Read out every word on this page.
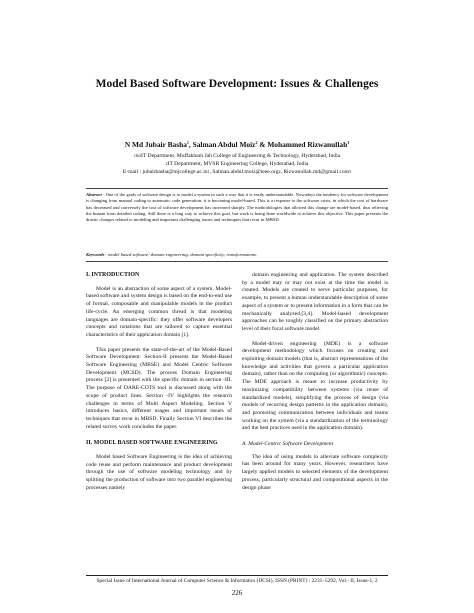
Model Based Software Development: Issues & Challenges
N Md Jubair Basha$^1$, Salman Abdul Moiz$^2$ & Mohammed Rizwanullah$^3$
$^{1\&3}$IT Department, Muffakham Jah College of Engineering & Technology, Hyderabad, India
$^2$IT Department, MVSR Engineering College, Hyderabad, India
E-mail : $jubairbasha@mjcollege.ac.in^1$, Salman.abdul.moiz@ieee.org$^2$, Rizwanullah.md@gmail.com$^3$
Abstract - One of the goals of software design is to model a system in such a way that it is easily understandable. Nowadays the tendency for software development is changing from manual coding to automatic code generation; it is becoming model-based. This is a response to the software crisis, in which the cost of hardware has decreased and conversely the cost of software development has increased sharply. The methodologies that allowed this change are model-based, thus relieving the human from detailed coding. Still there is a long way to achieve this goal, but work is being done worldwide to achieve this objective. This paper presents the drastic changes related to modeling and important challenging issues and techniques that recur in MBSD.
Keywords - model based software; domain engineering; domain specificity; transformations.
I. INTRODUCTION

Model is an abstraction of some aspect of a system. Model-based software and system design is based on the end-to-end use of formal, composable and manipulable models in the product life-cycle. An emerging common thread is that modeling languages are domain-specific: they offer software developers concepts and notations that are tailored to capture essential characteristics of their application domain [1].

This paper presents the state-of-the-art of the Model-Based Software Development. Section-II presents the Model-Based Software Engineering (MBSE) and Model Centric Software Development (MCSD). The process Domain Engineering process [2] is presented with the specific domain in section -III. The purpose of DARE-COTS tool is discussed along with the scope of product lines. Section -IV highlights the research challenges in terms of Multi Aspect Modeling. Section V introduces basics, different usages and important issues of techniques that recur in MBSD. Finally Section VI describes the related survey work concludes the paper.

II. MODEL BASED SOFTWARE ENGINEERING

Model based Software Engineering is the idea of achieving code reuse and perform maintenance and product development through the use of software modeling technology and by splitting the production of software into two parallel engineering processes namely

domain engineering and application. The system described by a model may or may not exist at the time the model is created. Models are created to serve particular purposes, for example, to present a human understandable description of some aspect of a system or to present information in a form that can be mechanically analyzed.[3,4]. Model-based development approaches can be roughly classified on the primary abstraction level of their focal software model.

Model-driven engineering (MDE) is a software development methodology which focuses on creating and exploiting domain models (that is, abstract representations of the knowledge and activities that govern a particular application domain), rather than on the computing (or algorithmic) concepts. The MDE approach is meant to increase productivity by maximizing compatibility between systems (via reuse of standardized models), simplifying the process of design (via models of recurring design patterns in the application domain), and promoting communication between individuals and teams working on the system (via a standardization of the terminology and the best practices used in the application domain).

A. Model-Centric Software Development

The idea of using models to alleviate software complexity has been around for many years. However, researchers have largely applied models to selected elements of the development process, particularly structural and compositional aspects in the design phase

Special Issue of International Journal of Computer Science & Informatics (IJCSI), ISSN (PRINT) : 2231–5292, Vol.- II, Issue-1, 2
226
